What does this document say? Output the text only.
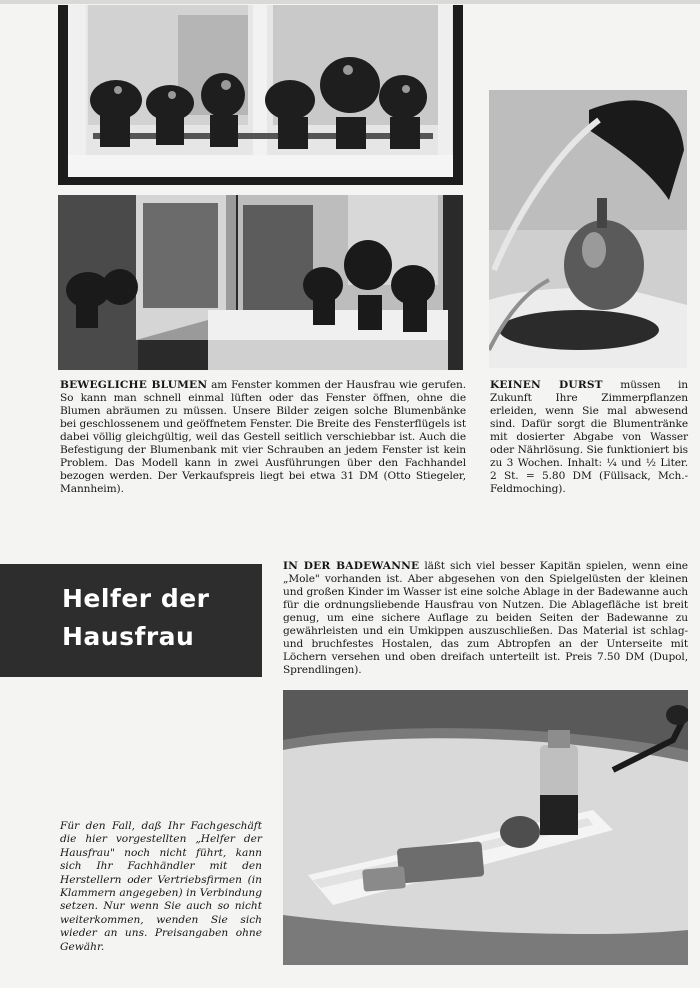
BEWEGLICHE BLUMEN am Fenster kommen der Hausfrau wie gerufen. So kann man schnell einmal lüften oder das Fenster öffnen, ohne die Blumen abräumen zu müssen. Unsere Bilder zeigen solche Blumenbänke bei geschlossenem und geöffnetem Fenster. Die Breite des Fensterflügels ist dabei völlig gleichgültig, weil das Gestell seitlich verschiebbar ist. Auch die Befestigung der Blumenbank mit vier Schrauben an jedem Fenster ist kein Problem. Das Modell kann in zwei Ausführungen über den Fachhandel bezogen werden. Der Verkaufspreis liegt bei etwa 31 DM (Otto Stiegeler, Mannheim).

KEINEN DURST müssen in Zukunft Ihre Zimmerpflanzen erleiden, wenn Sie mal abwesend sind. Dafür sorgt die Blumentränke mit dosierter Abgabe von Wasser oder Nährlösung. Sie funktioniert bis zu 3 Wochen. Inhalt: ¼ und ½ Liter. 2 St. = 5.80 DM (Füllsack, Mch.-Feldmoching).

Helfer der
Hausfrau

IN DER BADEWANNE läßt sich viel besser Kapitän spielen, wenn eine „Mole" vorhanden ist. Aber abgesehen von den Spielgelüsten der kleinen und großen Kinder im Wasser ist eine solche Ablage in der Badewanne auch für die ordnungsliebende Hausfrau von Nutzen. Die Ablagefläche ist breit genug, um eine sichere Auflage zu beiden Seiten der Badewanne zu gewährleisten und ein Umkippen auszuschließen. Das Material ist schlag- und bruchfestes Hostalen, das zum Abtropfen an der Unterseite mit Löchern versehen und oben dreifach unterteilt ist. Preis 7.50 DM (Dupol, Sprendlingen).

Für den Fall, daß Ihr Fachgeschäft die hier vorgestellten „Helfer der Hausfrau" noch nicht führt, kann sich Ihr Fachhändler mit den Herstellern oder Vertriebsfirmen (in Klammern angegeben) in Verbindung setzen. Nur wenn Sie auch so nicht weiterkommen, wenden Sie sich wieder an uns. Preisangaben ohne Gewähr.
